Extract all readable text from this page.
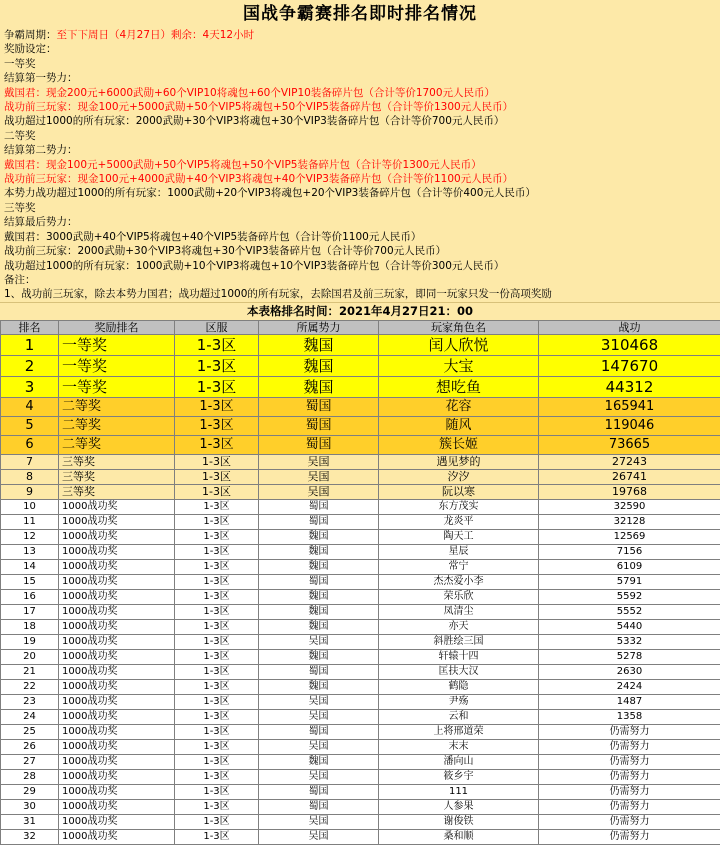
国战争霸赛排名即时排名情况
争霸周期：至下下周日（4月27日）剩余：4天12小时
奖励设定：
一等奖
结算第一势力：
戴国君：现金200元+6000武勋+60个VIP10将魂包+60个VIP10装备碎片包（合计等价1700元人民币）
战功前三玩家：现金100元+5000武勋+50个VIP5将魂包+50个VIP5装备碎片包（合计等价1300元人民币）
战功超过1000的所有玩家：2000武勋+30个VIP3将魂包+30个VIP3装备碎片包（合计等价700元人民币）
二等奖
结算第二势力：
戴国君：现金100元+5000武勋+50个VIP5将魂包+50个VIP5装备碎片包（合计等价1300元人民币）
战功前三玩家：现金100元+4000武勋+40个VIP3将魂包+40个VIP3装备碎片包（合计等价1100元人民币）
本势力战功超过1000的所有玩家：1000武勋+20个VIP3将魂包+20个VIP3装备碎片包（合计等价400元人民币）
三等奖
结算最后势力：
戴国君：3000武勋+40个VIP5将魂包+40个VIP5装备碎片包（合计等价1100元人民币）
战功前三玩家：2000武勋+30个VIP3将魂包+30个VIP3装备碎片包（合计等价700元人民币）
战功超过1000的所有玩家：1000武勋+10个VIP3将魂包+10个VIP3装备碎片包（合计等价300元人民币）
备注：
1、战功前三玩家，除去本势力国君；战功超过1000的所有玩家，去除国君及前三玩家，即同一玩家只发一份高项奖励
本表格排名时间：2021年4月27日21：00
排名	奖励排名	区服	所属势力	玩家角色名	战功
1	一等奖	1-3区	魏国	闰人欣悦	310468
2	一等奖	1-3区	魏国	大宝	147670
3	一等奖	1-3区	魏国	想吃鱼	44312
4	二等奖	1-3区	蜀国	花容	165941
5	二等奖	1-3区	蜀国	随风	119046
6	二等奖	1-3区	蜀国	簇长姬	73665
7	三等奖	1-3区	吴国	遇见梦的	27243
8	三等奖	1-3区	吴国	汐汐	26741
9	三等奖	1-3区	吴国	阮以寒	19768
10	1000战功奖	1-3区	蜀国	东方茂实	32590
11	1000战功奖	1-3区	蜀国	龙炎平	32128
12	1000战功奖	1-3区	魏国	陶天工	12569
13	1000战功奖	1-3区	魏国	星辰	7156
14	1000战功奖	1-3区	魏国	常宁	6109
15	1000战功奖	1-3区	蜀国	杰杰爱小李	5791
16	1000战功奖	1-3区	魏国	荣乐欣	5592
17	1000战功奖	1-3区	魏国	凤清尘	5552
18	1000战功奖	1-3区	魏国	亦天	5440
19	1000战功奖	1-3区	吴国	斜胜绘三国	5332
20	1000战功奖	1-3区	魏国	轩辕十四	5278
21	1000战功奖	1-3区	蜀国	匡扶大汉	2630
22	1000战功奖	1-3区	魏国	鹤隐	2424
23	1000战功奖	1-3区	吴国	尹殇	1487
24	1000战功奖	1-3区	吴国	云和	1358
25	1000战功奖	1-3区	蜀国	上将邢道荣	仍需努力
26	1000战功奖	1-3区	吴国	末末	仍需努力
27	1000战功奖	1-3区	魏国	潘向山	仍需努力
28	1000战功奖	1-3区	吴国	筱乡宇	仍需努力
29	1000战功奖	1-3区	蜀国	111	仍需努力
30	1000战功奖	1-3区	蜀国	人参果	仍需努力
31	1000战功奖	1-3区	吴国	谢俊铁	仍需努力
32	1000战功奖	1-3区	吴国	桑和顺	仍需努力
